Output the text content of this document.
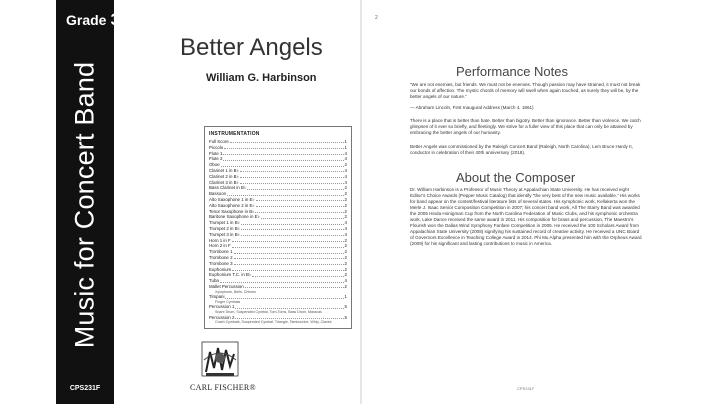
Grade 3½
Music for Concert Band
CPS231F
Better Angels
William G. Harbinson
INSTRUMENTATION
Full Score	1
Piccolo	1
Flute 1	4
Flute 2	4
Oboe	2
Clarinet 1 in B♭	4
Clarinet 2 in B♭	4
Clarinet 3 in B♭	4
Bass Clarinet in B♭	2
Bassoon	2
Alto Saxophone 1 in E♭	2
Alto Saxophone 2 in E♭	2
Tenor Saxophone in B♭	2
Baritone Saxophone in E♭	2
Trumpet 1 in B♭	4
Trumpet 2 in B♭	4
Trumpet 3 in B♭	4
Horn 1 in F	2
Horn 2 in F	2
Trombone 1	2
Trombone 2	2
Trombone 3	2
Euphonium	2
Euphonium T.C. in B♭	2
Tuba	4
Mallet Percussion	2
Xylophone, Bells, Chimes
Timpani	1
Finger Cymbals
Percussion 1	5
Snare Drum, Suspended Cymbal, Tom-Toms, Bass Drum, Maracas
Percussion 2	5
Crash Cymbals, Suspended Cymbal, Triangle, Tambourine, Whip, Claves
CARL FISCHER®
2
Performance Notes
“We are not enemies, but friends. We must not be enemies. Though passion may have strained, it must not break our bonds of affection. The mystic chords of memory will swell when again touched, as surely they will be, by the better angels of our nature.”
— Abraham Lincoln, First Inaugural Address (March 4, 1861)
There is a place that is better than hate. Better than bigotry. Better than ignorance. Better than violence. We catch glimpses of it ever so briefly, and fleetingly. We strive for a fuller view of this place that can only be attained by embracing the better angels of our humanity.
Better Angels was commissioned by the Raleigh Concert Band (Raleigh, North Carolina), Lem Bruce Hardy II, conductor in celebration of their 40th anniversary (2018).
About the Composer
Dr. William Harbinson is a Professor of Music Theory at Appalachian State University. He has received eight Editor’s Choice Awards (Pepper Music Catalog) that identify “the very best of the new music available.” His works for band appear on the contest/festival literature lists of several states. His symphonic work, Kellakerta won the Merle J. Isaac Senior Composition Competition in 2007; his concert band work, All The Starry Band was awarded the 2005 Hinda Honigman Cup from the North Carolina Federation of Music Clubs, and his symphonic orchestra work, Lake Dance received the same award in 2011. His composition for brass and percussion, The Maestro’s Flourish won the Dallas Wind Symphony Fanfare Competition in 2005. He received the 100 Scholars Award from Appalachian State University (2008) signifying his sustained record of creative activity. He received a UNC Board of Governors Excellence in Teaching College Award in 2014. Phi Mu Alpha presented him with the Orpheus Award (2009) for his significant and lasting contributions to music in America.
CPS231F
